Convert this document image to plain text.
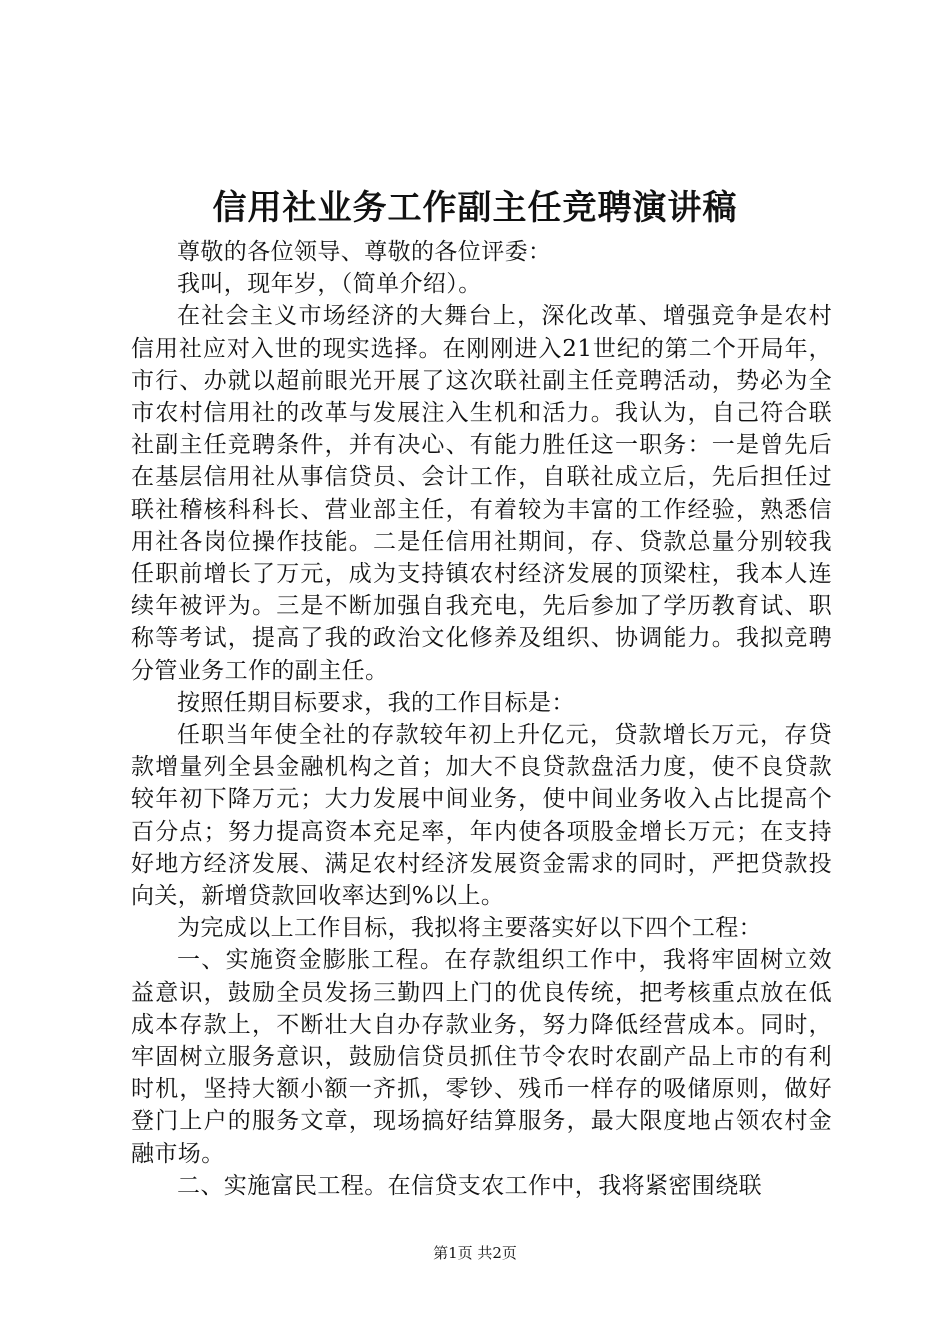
信用社业务工作副主任竞聘演讲稿

尊敬的各位领导、尊敬的各位评委：

我叫，现年岁，（简单介绍）。

在社会主义市场经济的大舞台上，深化改革、增强竞争是农村信用社应对入世的现实选择。在刚刚进入21世纪的第二个开局年，市行、办就以超前眼光开展了这次联社副主任竞聘活动，势必为全市农村信用社的改革与发展注入生机和活力。我认为，自己符合联社副主任竞聘条件，并有决心、有能力胜任这一职务：一是曾先后在基层信用社从事信贷员、会计工作，自联社成立后，先后担任过联社稽核科科长、营业部主任，有着较为丰富的工作经验，熟悉信用社各岗位操作技能。二是任信用社期间，存、贷款总量分别较我任职前增长了万元，成为支持镇农村经济发展的顶梁柱，我本人连续年被评为。三是不断加强自我充电，先后参加了学历教育试、职称等考试，提高了我的政治文化修养及组织、协调能力。我拟竞聘分管业务工作的副主任。

按照任期目标要求，我的工作目标是：

任职当年使全社的存款较年初上升亿元，贷款增长万元，存贷款增量列全县金融机构之首；加大不良贷款盘活力度，使不良贷款较年初下降万元；大力发展中间业务，使中间业务收入占比提高个百分点；努力提高资本充足率，年内使各项股金增长万元；在支持好地方经济发展、满足农村经济发展资金需求的同时，严把贷款投向关，新增贷款回收率达到%以上。

为完成以上工作目标，我拟将主要落实好以下四个工程：

一、实施资金膨胀工程。在存款组织工作中，我将牢固树立效益意识，鼓励全员发扬三勤四上门的优良传统，把考核重点放在低成本存款上，不断壮大自办存款业务，努力降低经营成本。同时，牢固树立服务意识，鼓励信贷员抓住节令农时农副产品上市的有利时机，坚持大额小额一齐抓，零钞、残币一样存的吸储原则，做好登门上户的服务文章，现场搞好结算服务，最大限度地占领农村金融市场。

二、实施富民工程。在信贷支农工作中，我将紧密围绕联

第1页 共2页
